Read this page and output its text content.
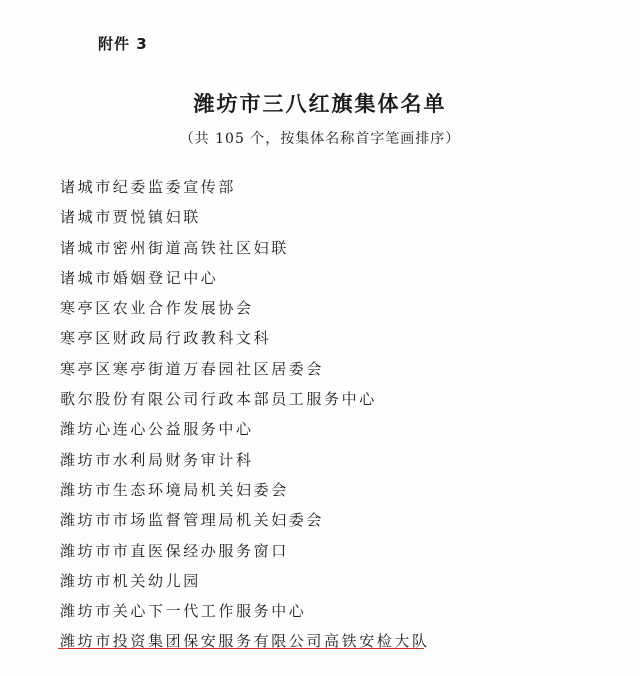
附件 3
潍坊市三八红旗集体名单
（共 105 个，按集体名称首字笔画排序）
诸城市纪委监委宣传部
诸城市贾悦镇妇联
诸城市密州街道高铁社区妇联
诸城市婚姻登记中心
寒亭区农业合作发展协会
寒亭区财政局行政教科文科
寒亭区寒亭街道万春园社区居委会
歌尔股份有限公司行政本部员工服务中心
潍坊心连心公益服务中心
潍坊市水利局财务审计科
潍坊市生态环境局机关妇委会
潍坊市市场监督管理局机关妇委会
潍坊市市直医保经办服务窗口
潍坊市机关幼儿园
潍坊市关心下一代工作服务中心
潍坊市投资集团保安服务有限公司高铁安检大队
